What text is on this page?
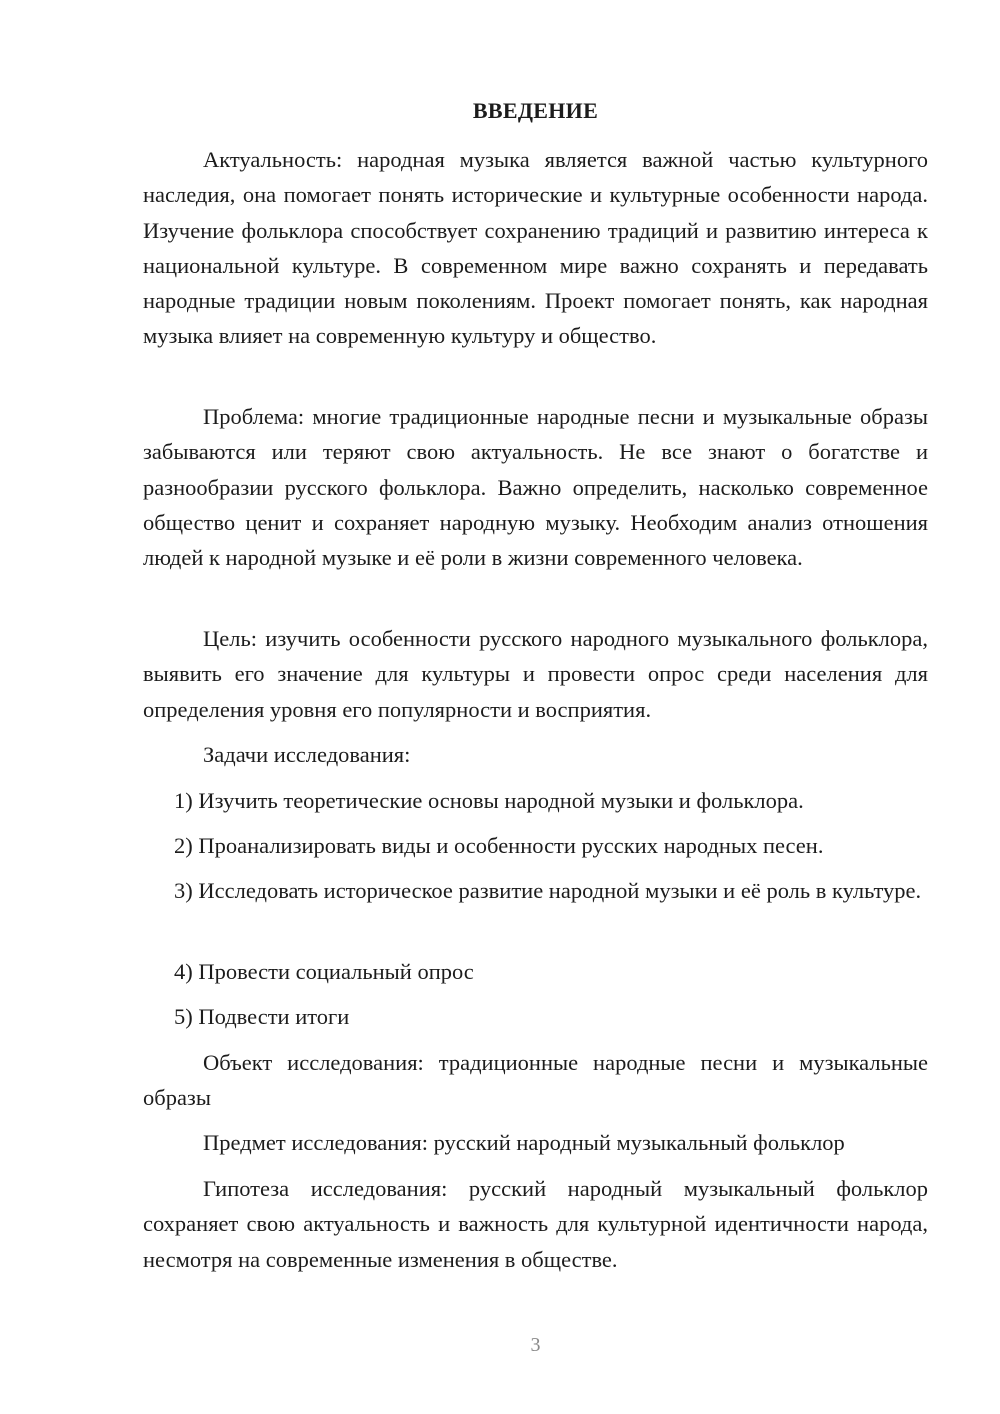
ВВЕДЕНИЕ

Актуальность: народная музыка является важной частью культурного наследия, она помогает понять исторические и культурные особенности народа. Изучение фольклора способствует сохранению традиций и развитию интереса к национальной культуре. В современном мире важно сохранять и передавать народные традиции новым поколениям. Проект помогает понять, как народная музыка влияет на современную культуру и общество.

Проблема: многие традиционные народные песни и музыкальные образы забываются или теряют свою актуальность. Не все знают о богатстве и разнообразии русского фольклора. Важно определить, насколько современное общество ценит и сохраняет народную музыку. Необходим анализ отношения людей к народной музыке и её роли в жизни современного человека.

Цель: изучить особенности русского народного музыкального фольклора, выявить его значение для культуры и провести опрос среди населения для определения уровня его популярности и восприятия.

Задачи исследования:

1) Изучить теоретические основы народной музыки и фольклора.

2) Проанализировать виды и особенности русских народных песен.

3) Исследовать историческое развитие народной музыки и её роль в культуре.

4) Провести социальный опрос

5) Подвести итоги

Объект исследования: традиционные народные песни и музыкальные образы

Предмет исследования: русский народный музыкальный фольклор

Гипотеза исследования: русский народный музыкальный фольклор сохраняет свою актуальность и важность для культурной идентичности народа, несмотря на современные изменения в обществе.

3
